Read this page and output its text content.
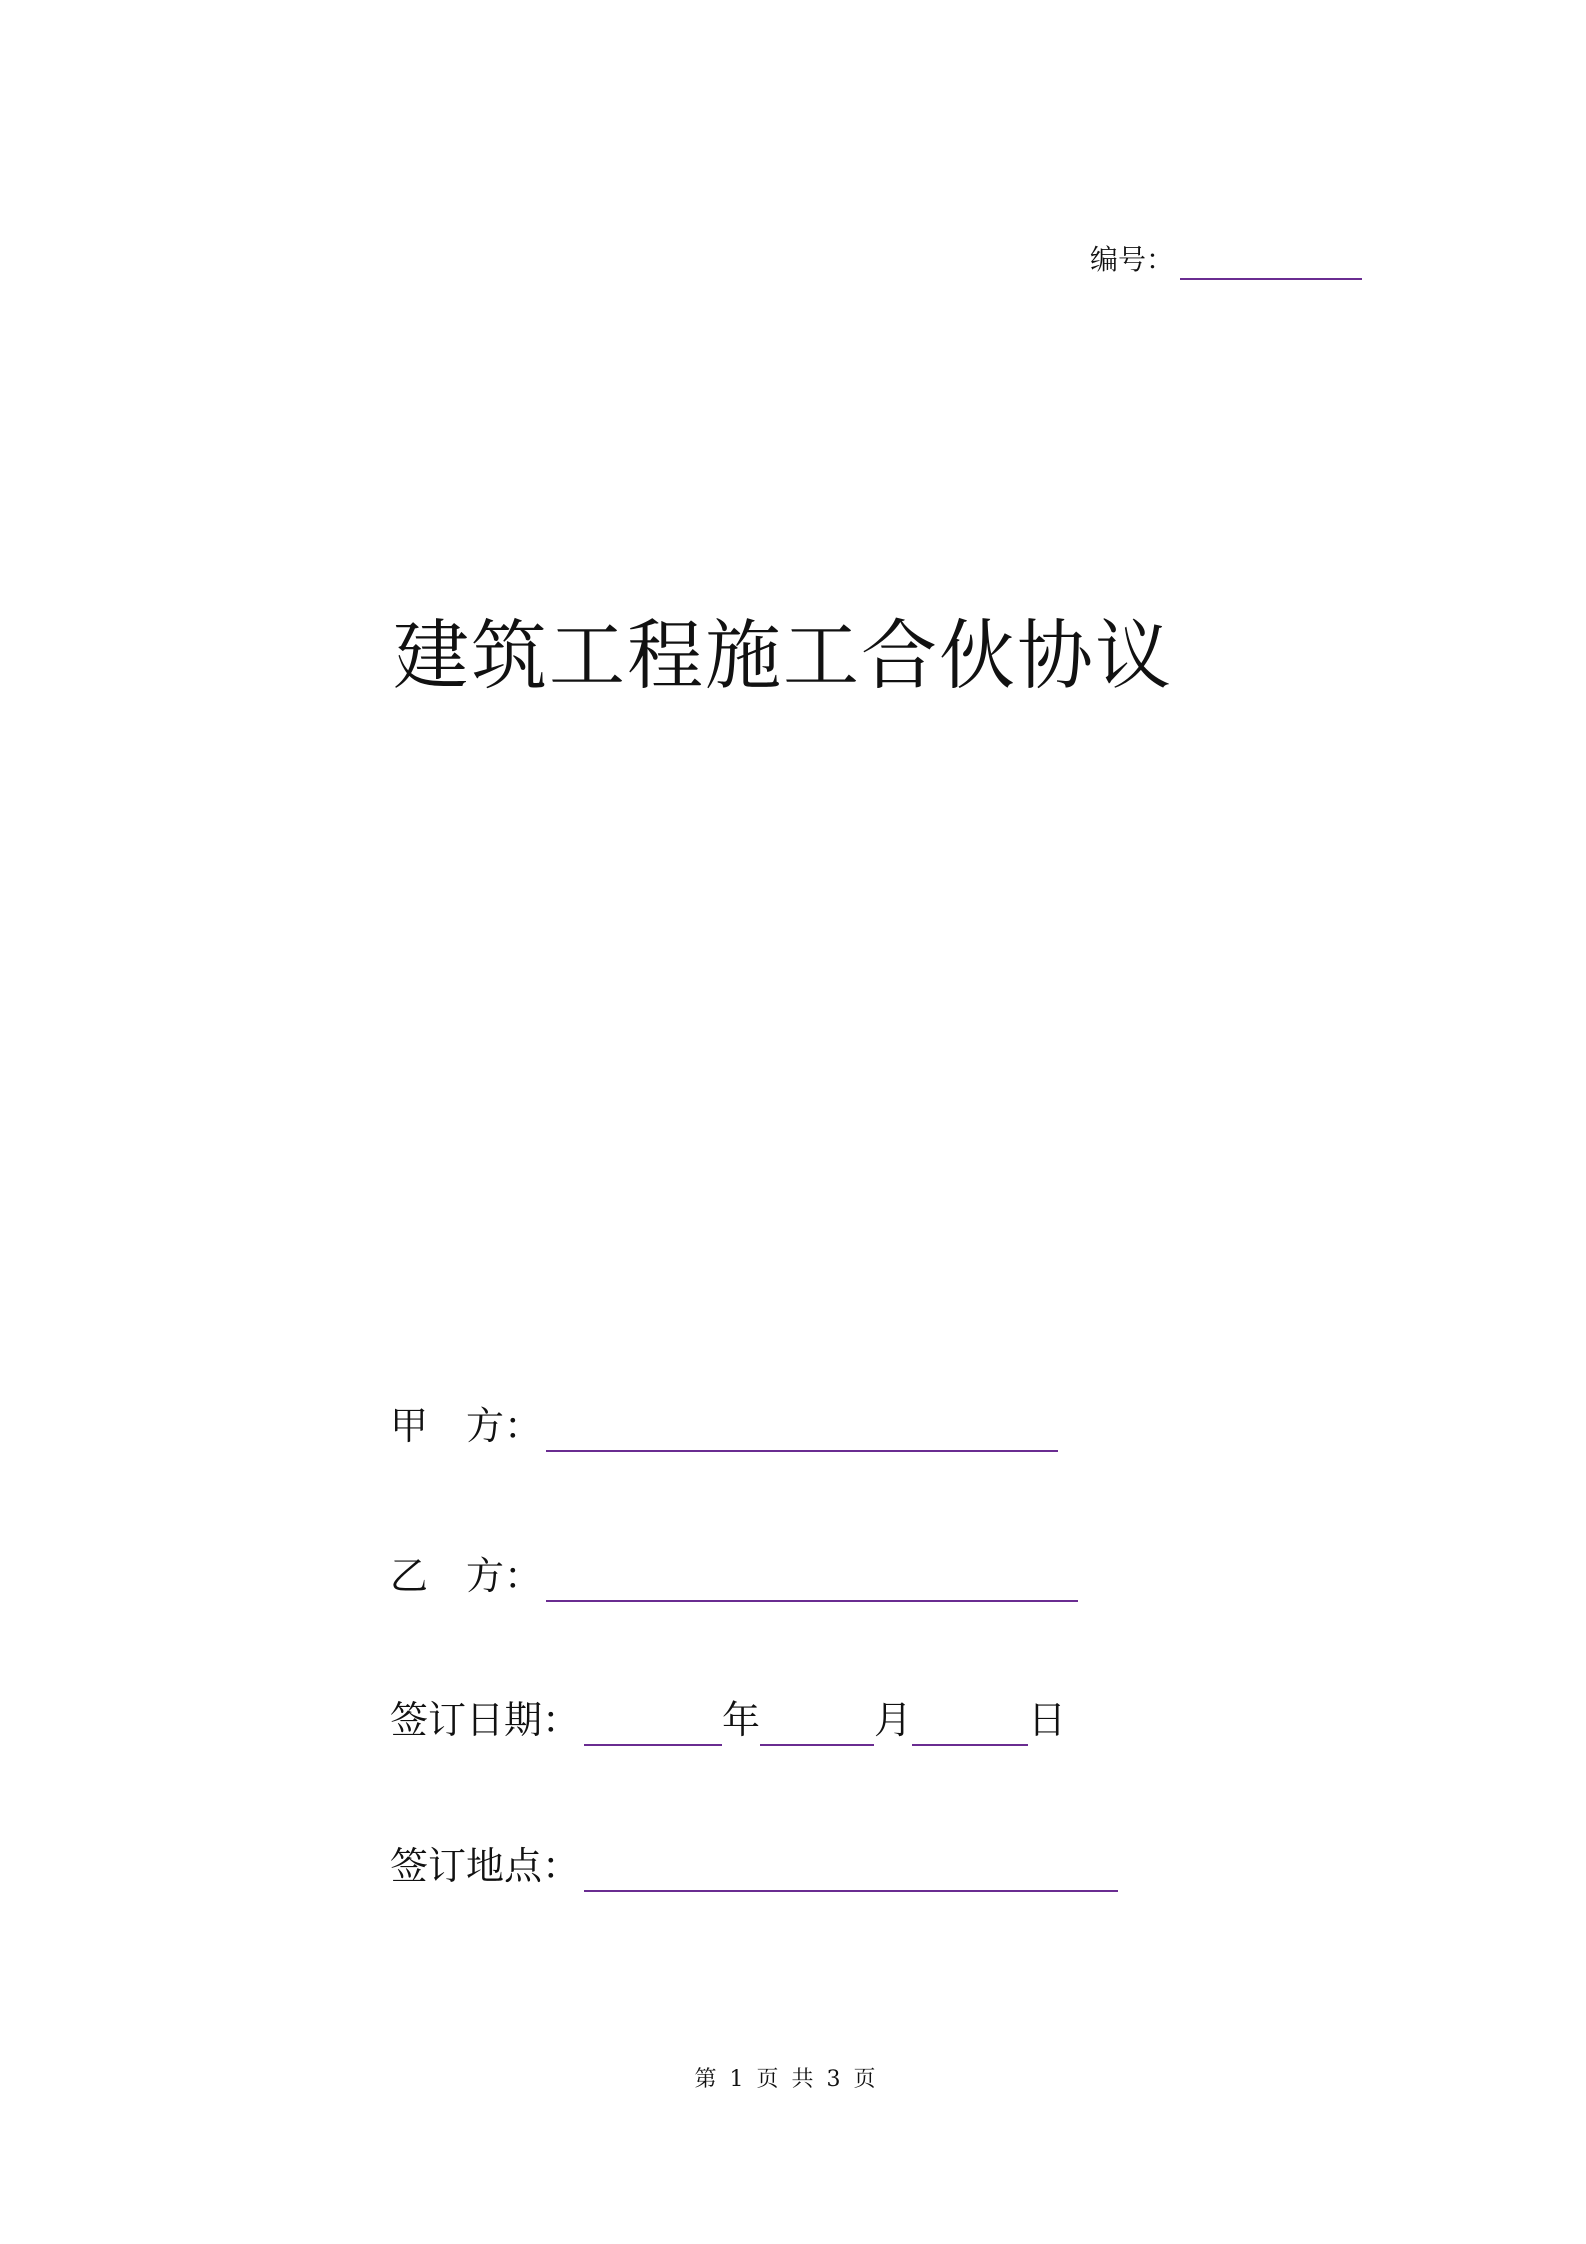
编号：
建筑工程施工合伙协议
甲　方：
乙　方：
签订日期：	年	月	日
签订地点：
第 1 页 共 3 页
